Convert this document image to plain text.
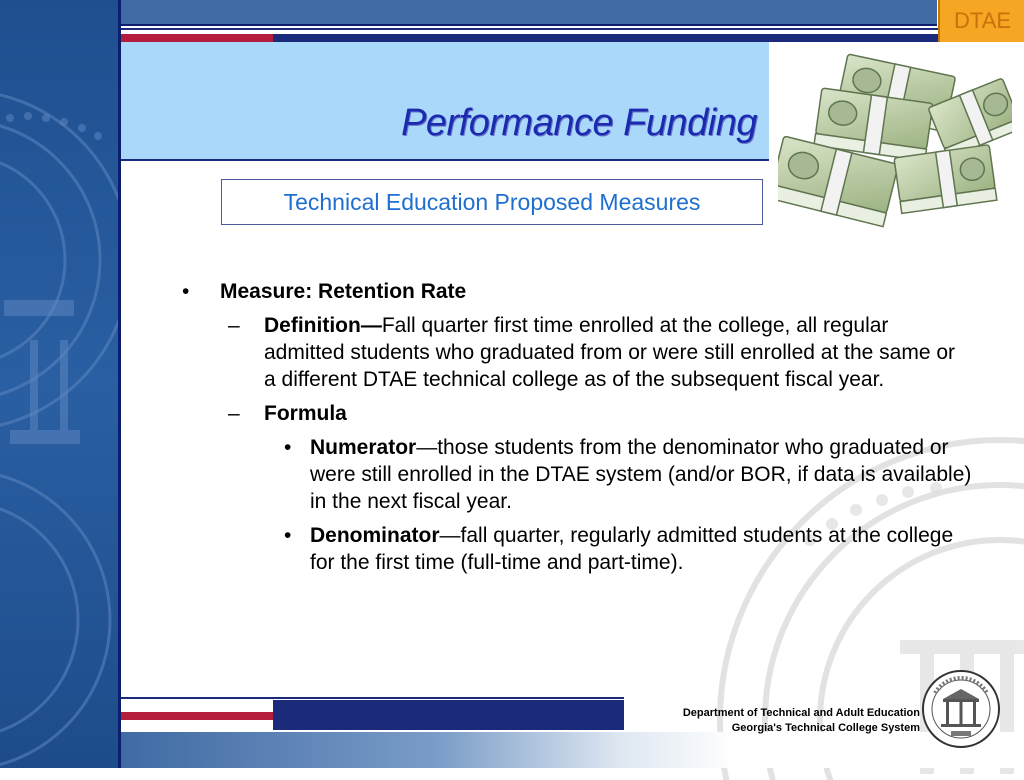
DTAE
Performance Funding
Technical Education Proposed Measures
• Measure: Retention Rate
– Definition—Fall quarter first time enrolled at the college, all regular admitted students who graduated from or were still enrolled at the same or a different DTAE technical college as of the subsequent fiscal year.
– Formula
• Numerator—those students from the denominator who graduated or were still enrolled in the DTAE system (and/or BOR, if data is available) in the next fiscal year.
• Denominator—fall quarter, regularly admitted students at the college for the first time (full-time and part-time).
Department of Technical and Adult Education
Georgia's Technical College System
